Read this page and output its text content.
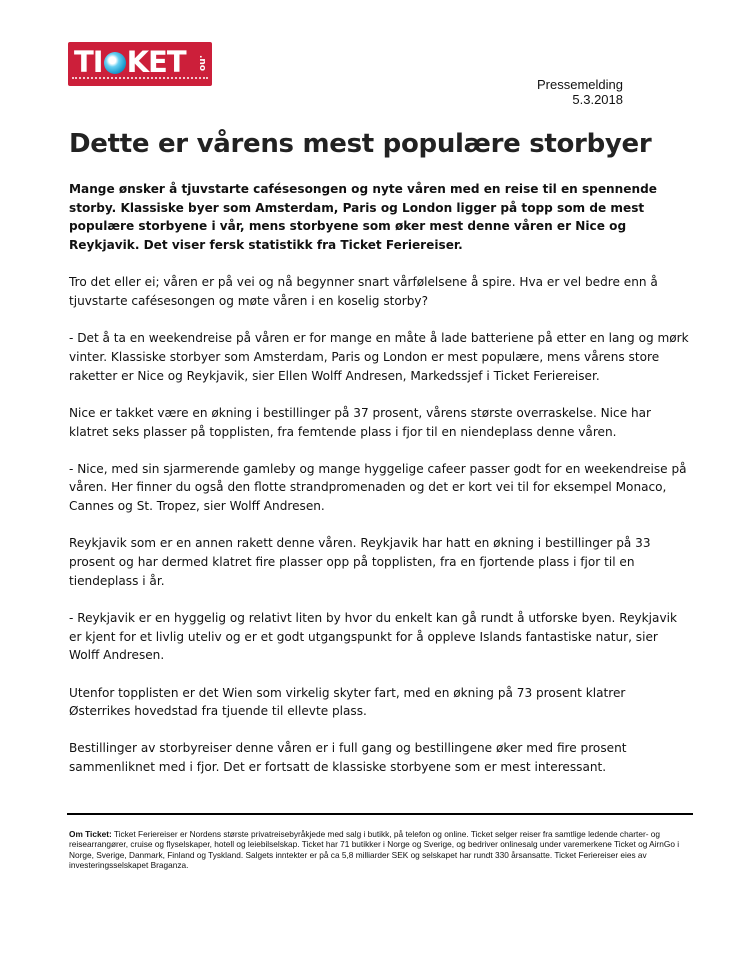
TI KET .no
Pressemelding
5.3.2018
Dette er vårens mest populære storbyer

Mange ønsker å tjuvstarte cafésesongen og nyte våren med en reise til en spennende storby. Klassiske byer som Amsterdam, Paris og London ligger på topp som de mest populære storbyene i vår, mens storbyene som øker mest denne våren er Nice og Reykjavik. Det viser fersk statistikk fra Ticket Feriereiser.

Tro det eller ei; våren er på vei og nå begynner snart vårfølelsene å spire. Hva er vel bedre enn å tjuvstarte cafésesongen og møte våren i en koselig storby?

- Det å ta en weekendreise på våren er for mange en måte å lade batteriene på etter en lang og mørk vinter. Klassiske storbyer som Amsterdam, Paris og London er mest populære, mens vårens store raketter er Nice og Reykjavik, sier Ellen Wolff Andresen, Markedssjef i Ticket Feriereiser.

Nice er takket være en økning i bestillinger på 37 prosent, vårens største overraskelse. Nice har klatret seks plasser på topplisten, fra femtende plass i fjor til en niendeplass denne våren.

- Nice, med sin sjarmerende gamleby og mange hyggelige cafeer passer godt for en weekendreise på våren. Her finner du også den flotte strandpromenaden og det er kort vei til for eksempel Monaco, Cannes og St. Tropez, sier Wolff Andresen.

Reykjavik som er en annen rakett denne våren. Reykjavik har hatt en økning i bestillinger på 33 prosent og har dermed klatret fire plasser opp på topplisten, fra en fjortende plass i fjor til en tiendeplass i år.

- Reykjavik er en hyggelig og relativt liten by hvor du enkelt kan gå rundt å utforske byen. Reykjavik er kjent for et livlig uteliv og er et godt utgangspunkt for å oppleve Islands fantastiske natur, sier Wolff Andresen.

Utenfor topplisten er det Wien som virkelig skyter fart, med en økning på 73 prosent klatrer Østerrikes hovedstad fra tjuende til ellevte plass.

Bestillinger av storbyreiser denne våren er i full gang og bestillingene øker med fire prosent sammenliknet med i fjor. Det er fortsatt de klassiske storbyene som er mest interessant.

Om Ticket: Ticket Feriereiser er Nordens største privatreisebyråkjede med salg i butikk, på telefon og online. Ticket selger reiser fra samtlige ledende charter- og reisearrangører, cruise og flyselskaper, hotell og leiebilselskap. Ticket har 71 butikker i Norge og Sverige, og bedriver onlinesalg under varemerkene Ticket og AirnGo i Norge, Sverige, Danmark, Finland og Tyskland. Salgets inntekter er på ca 5,8 milliarder SEK og selskapet har rundt 330 årsansatte. Ticket Feriereiser eies av investeringsselskapet Braganza.
